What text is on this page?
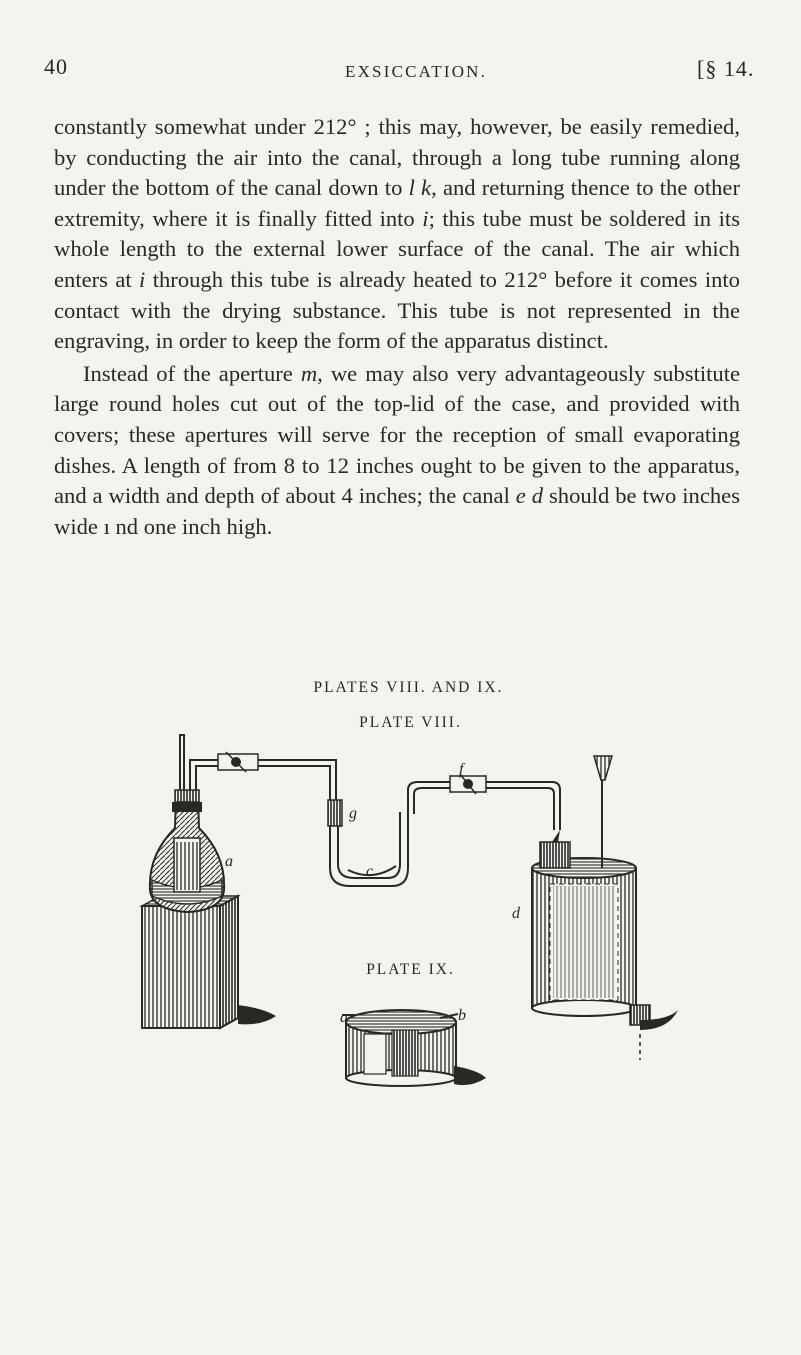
40	EXSICCATION.	[§ 14.

constantly somewhat under 212° ; this may, however, be easily remedied, by conducting the air into the canal, through a long tube running along under the bottom of the canal down to l k, and returning thence to the other extremity, where it is finally fitted into i; this tube must be soldered in its whole length to the external lower surface of the canal. The air which enters at i through this tube is already heated to 212° before it comes into contact with the drying substance. This tube is not represented in the engraving, in order to keep the form of the apparatus distinct.

Instead of the aperture m, we may also very advantageously substitute large round holes cut out of the top-lid of the case, and provided with covers; these apertures will serve for the reception of small evaporating dishes. A length of from 8 to 12 inches ought to be given to the apparatus, and a width and depth of about 4 inches; the canal e d should be two inches wide ı nd one inch high.

PLATES VIII. AND IX.
PLATE VIII.
PLATE IX.
a
g
c
f
d
a	b
